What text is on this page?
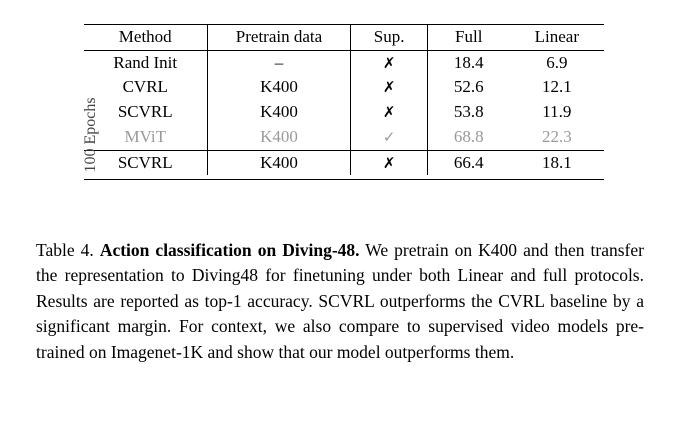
100 Epochs
Method	Pretrain data	Sup.	Full	Linear
Rand Init	–	✗	18.4	6.9
CVRL	K400	✗	52.6	12.1
SCVRL	K400	✗	53.8	11.9
MViT	K400	✓	68.8	22.3
SCVRL	K400	✗	66.4	18.1

Table 4. Action classification on Diving-48. We pretrain on K400 and then transfer the representation to Diving48 for finetuning under both Linear and full protocols. Results are reported as top-1 accuracy. SCVRL outperforms the CVRL baseline by a significant margin. For context, we also compare to supervised video models pre-trained on Imagenet-1K and show that our model outperforms them.
